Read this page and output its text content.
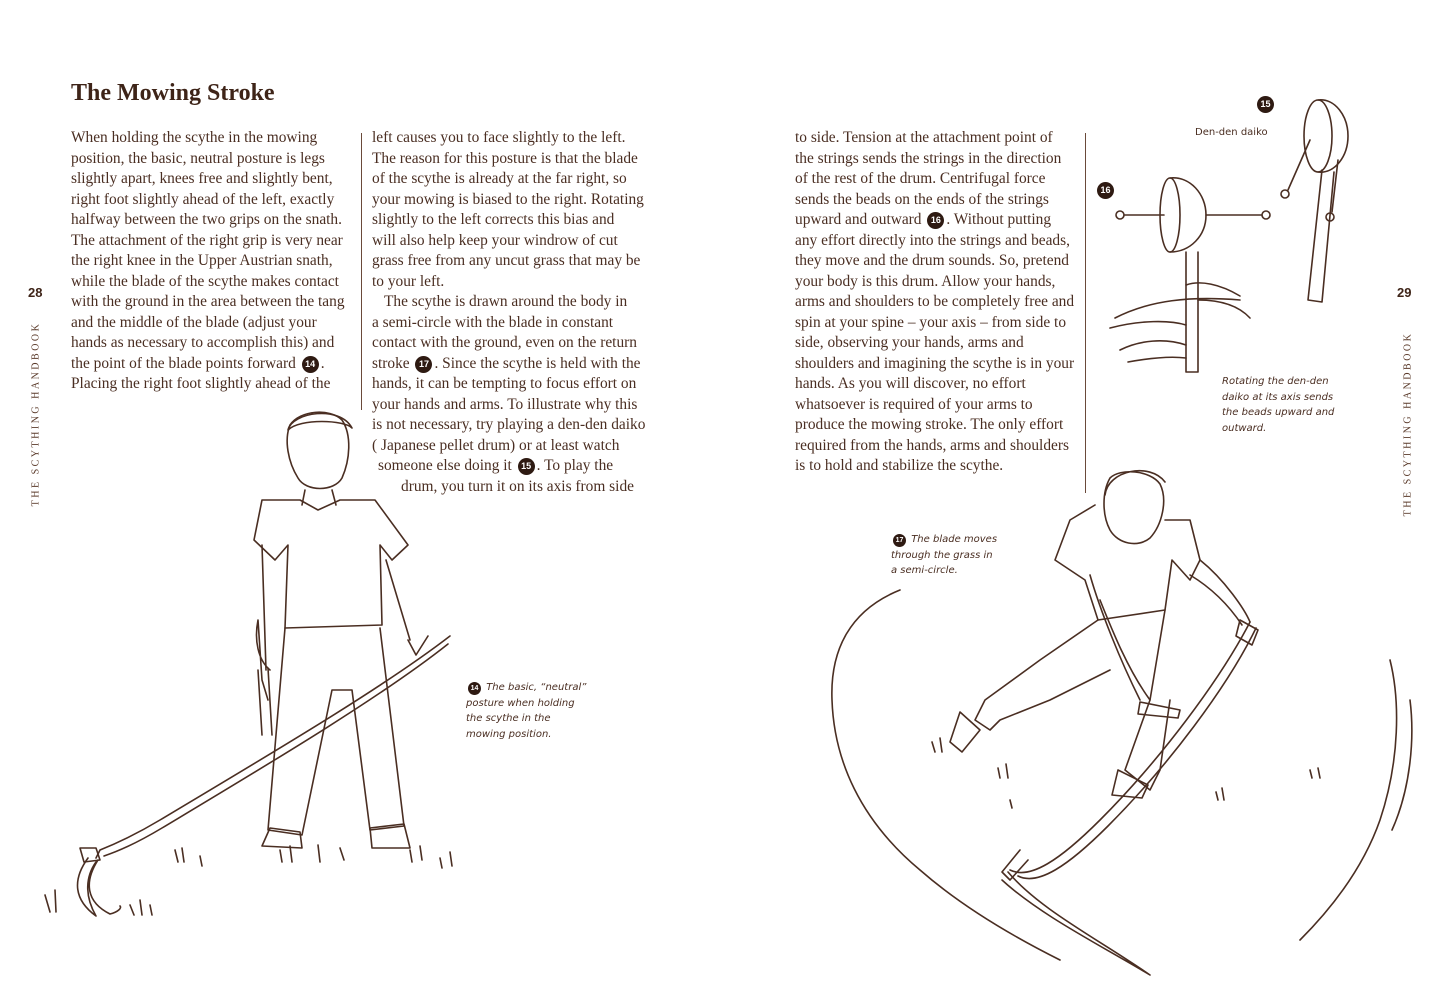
The Mowing Stroke
28
THE SCYTHING HANDBOOK
When holding the scythe in the mowing
position, the basic, neutral posture is legs
slightly apart, knees free and slightly bent,
right foot slightly ahead of the left, exactly
halfway between the two grips on the snath.
The attachment of the right grip is very near
the right knee in the Upper Austrian snath,
while the blade of the scythe makes contact
with the ground in the area between the tang
and the middle of the blade (adjust your
hands as necessary to accomplish this) and
the point of the blade points forward 14 .
Placing the right foot slightly ahead of the
left causes you to face slightly to the left.
The reason for this posture is that the blade
of the scythe is already at the far right, so
your mowing is biased to the right. Rotating
slightly to the left corrects this bias and
will also help keep your windrow of cut
grass free from any uncut grass that may be
to your left.
The scythe is drawn around the body in
a semi-circle with the blade in constant
contact with the ground, even on the return
stroke 17 . Since the scythe is held with the
hands, it can be tempting to focus effort on
your hands and arms. To illustrate why this
is not necessary, try playing a den-den daiko
( Japanese pellet drum) or at least watch
someone else doing it 15 . To play the
drum, you turn it on its axis from side
14 The basic, “neutral”
posture when holding
the scythe in the
mowing position.
29
THE SCYTHING HANDBOOK
to side. Tension at the attachment point of
the strings sends the strings in the direction
of the rest of the drum. Centrifugal force
sends the beads on the ends of the strings
upward and outward 16 . Without putting
any effort directly into the strings and beads,
they move and the drum sounds. So, pretend
your body is this drum. Allow your hands,
arms and shoulders to be completely free and
spin at your spine – your axis – from side to
side, observing your hands, arms and
shoulders and imagining the scythe is in your
hands. As you will discover, no effort
whatsoever is required of your arms to
produce the mowing stroke. The only effort
required from the hands, arms and shoulders
is to hold and stabilize the scythe.
15
Den-den daiko
16
Rotating the den-den
daiko at its axis sends
the beads upward and
outward.
17 The blade moves
through the grass in
a semi-circle.
